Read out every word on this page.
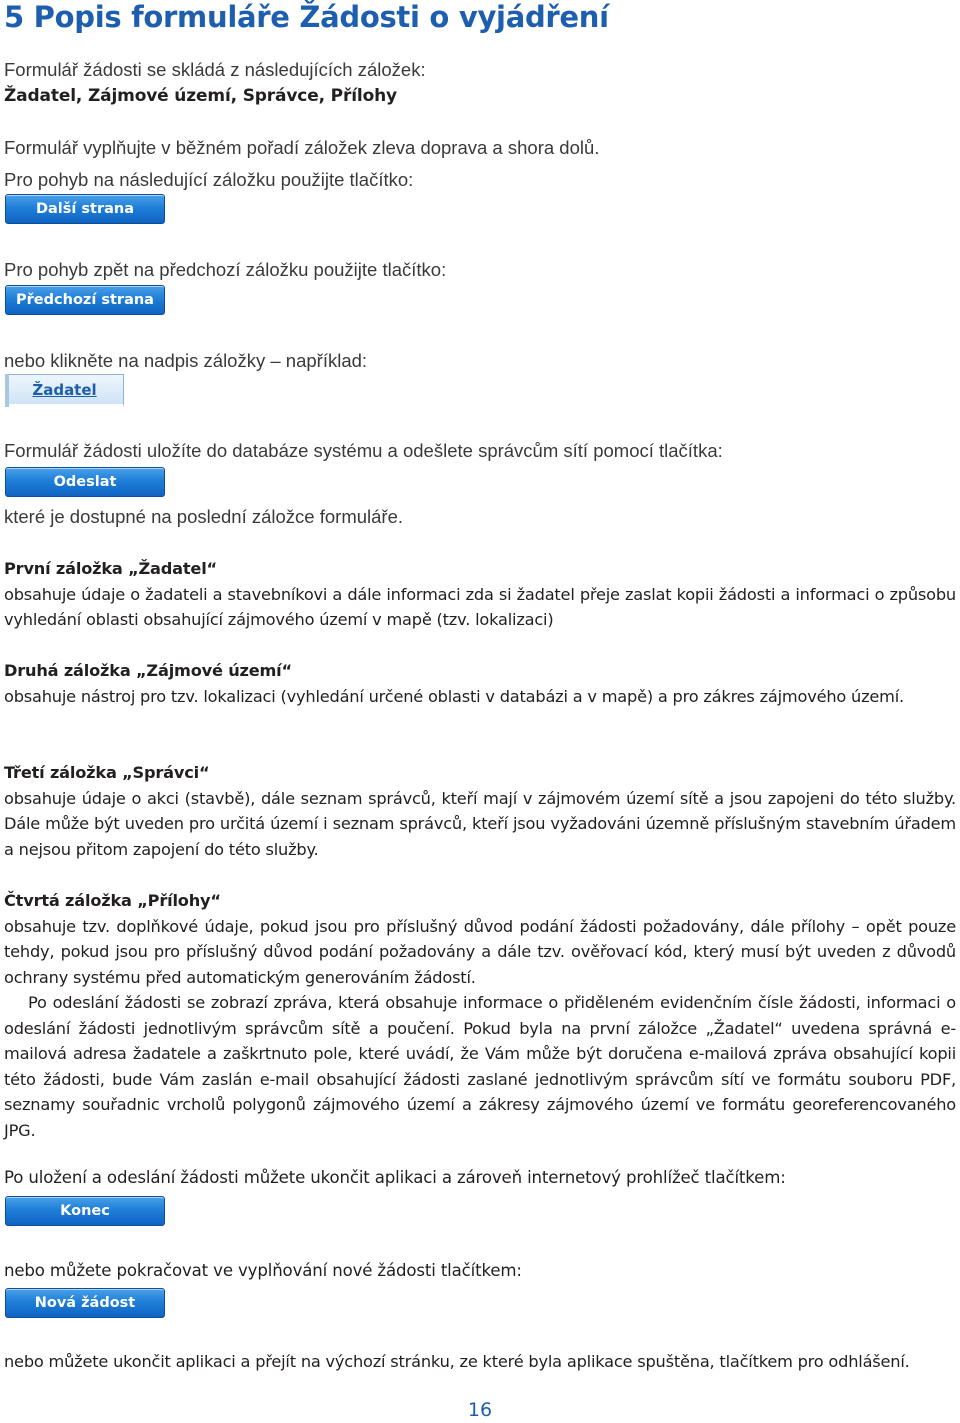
5 Popis formuláře Žádosti o vyjádření
Formulář žádosti se skládá z následujících záložek:
Žadatel, Zájmové území, Správce, Přílohy
Formulář vyplňujte v běžném pořadí záložek zleva doprava a shora dolů.
Pro pohyb na následující záložku použijte tlačítko:
Další strana
Pro pohyb zpět na předchozí záložku použijte tlačítko:
Předchozí strana
nebo klikněte na nadpis záložky – například:
Žadatel
Formulář žádosti uložíte do databáze systému a odešlete správcům sítí pomocí tlačítka:
Odeslat
které je dostupné na poslední záložce formuláře.

První záložka „Žadatel“

obsahuje údaje o žadateli a stavebníkovi a dále informaci zda si žadatel přeje zaslat kopii žádosti a informaci o způsobu vyhledání oblasti obsahující zájmového území v mapě (tzv. lokalizaci)

Druhá záložka „Zájmové území“

obsahuje nástroj pro tzv. lokalizaci (vyhledání určené oblasti v databázi a v mapě) a pro zákres zájmového území.

Třetí záložka „Správci“

obsahuje údaje o akci (stavbě), dále seznam správců, kteří mají v zájmovém území sítě a jsou zapojeni do této služby. Dále může být uveden pro určitá území i seznam správců, kteří jsou vyžadováni územně příslušným stavebním úřadem a nejsou přitom zapojení do této služby.

Čtvrtá záložka „Přílohy“

obsahuje tzv. doplňkové údaje, pokud jsou pro příslušný důvod podání žádosti požadovány, dále přílohy – opět pouze tehdy, pokud jsou pro příslušný důvod podání požadovány a dále tzv. ověřovací kód, který musí být uveden z důvodů ochrany systému před automatickým generováním žádostí.

Po odeslání žádosti se zobrazí zpráva, která obsahuje informace o přiděleném evidenčním čísle žádosti, informaci o odeslání žádosti jednotlivým správcům sítě a poučení. Pokud byla na první záložce „Žadatel“ uvedena správná e-mailová adresa žadatele a zaškrtnuto pole, které uvádí, že Vám může být doručena e-mailová zpráva obsahující kopii této žádosti, bude Vám zaslán e-mail obsahující žádosti zaslané jednotlivým správcům sítí ve formátu souboru PDF, seznamy souřadnic vrcholů polygonů zájmového území a zákresy zájmového území ve formátu georeferencovaného JPG.

Po uložení a odeslání žádosti můžete ukončit aplikaci a zároveň internetový prohlížeč tlačítkem:
Konec
nebo můžete pokračovat ve vyplňování nové žádosti tlačítkem:
Nová žádost
nebo můžete ukončit aplikaci a přejít na výchozí stránku, ze které byla aplikace spuštěna, tlačítkem pro odhlášení.
16
